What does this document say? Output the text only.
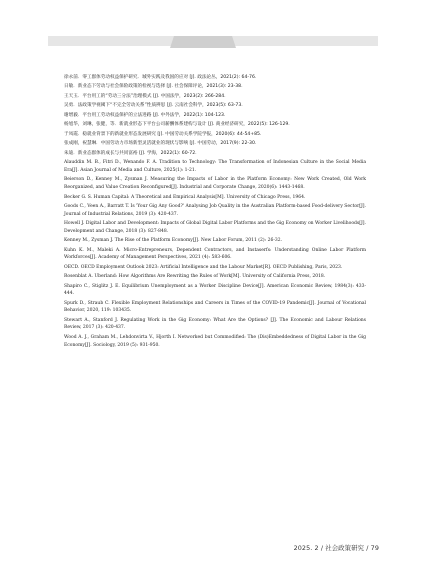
徐永前．零工群体劳动权益保护研究．城外实践及我国的应对 [J]. 政法论丛，2021(2): 64-76.
日敏．新业态下劳动与社会保险政策的检视与选择 [J]. 社会保障评论，2021(3): 23-38.
王天玉．平台用工的“劳动三分法”治理模式 [J]. 中国法学，2023(2): 266-284.
吴勇．法政策学视阈下“不完全劳动关系”性质辨思 [J]. 云南社会科学，2023(5): 63-73.
谢增毅．平台用工劳动权益保护的立法进路 [J]. 中外法学，2022(1): 104-123.
杨旭华，刘琳，张健，等．新就业形态下平台公司薪酬体系建构与设计 [J]. 商业经济研究，2022(5): 126-129.
于凤霞．稳就业背景下的新就业形态发展研究 [J]. 中国劳动关系学院学报，2020(6): 44-54+85.
张成刚，祝慧琳．中国劳动力市场新型灵活就业的现状与影响 [J]. 中国劳动，2017(9): 22-30.
朱迪．新业态群体的成长与共同富裕 [J]. 学海，2022(1): 60-72.
Alauddin M. B., Fitri D., Wenando F. A. Tradition to Technology: The Transformation of Indonesian Culture in the Social Media Era[J]. Asian Journal of Media and Culture, 2025(1): 1-21.
Beierson D., Kenney M., Zysman J. Measuring the Impacts of Labor in the Platform Economy: New Work Created, Old Work Reorganized, and Value Creation Reconfigured[J]. Industrial and Corporate Change, 2020(6): 1443-1468.
Becker G. S. Human Capital: A Theoretical and Empirical Analysis[M]. University of Chicago Press, 1964.
Goods C., Veen A., Barratt T. Is 'Your Gig Any Good?' Analysing Job Quality in the Australian Platform-based Food-delivery Sector[J]. Journal of Industrial Relations, 2019 (3): 420-437.
Howell J. Digital Labor and Development: Impacts of Global Digital Labor Platforms and the Gig Economy on Worker Livelihoods[J]. Development and Change, 2018 (3): 827-848.
Kenney M., Zysman J. The Rise of the Platform Economy[J]. New Labor Forum, 2011 (2): 26-32.
Kuhn K. M., Maleki A. Micro-Entrepreneurs, Dependent Contractors, and Instaserfs: Understanding Online Labor Platform Workforces[J]. Academy of Management Perspectives, 2021 (4): 583-606.
OECD. OECD Employment Outlook 2023: Artificial Intelligence and the Labour Market[R]. OECD Publishing, Paris, 2023.
Rosenblat A. Uberland: How Algorithms Are Rewriting the Rules of Work[M]. University of California Press, 2018.
Shapiro C., Stiglitz J. E. Equilibrium Unemployment as a Worker Discipline Device[J]. American Economic Review, 1984(3): 433-444.
Spurk D., Straub C. Flexible Employment Relationships and Careers in Times of the COVID-19 Pandemic[J]. Journal of Vocational Behavior, 2020, 119: 103435.
Stewart A., Stanford J. Regulating Work in the Gig Economy: What Are the Options? [J]. The Economic and Labour Relations Review, 2017 (3): 420-437.
Wood A. J., Graham M., Lehdonvirta V., Hjorth I. Networked but Commodified: The (Dis)Embeddedness of Digital Labor in the Gig Economy[J]. Sociology, 2019 (5): 931-950.
2025. 2 / 社会政策研究 / 79
